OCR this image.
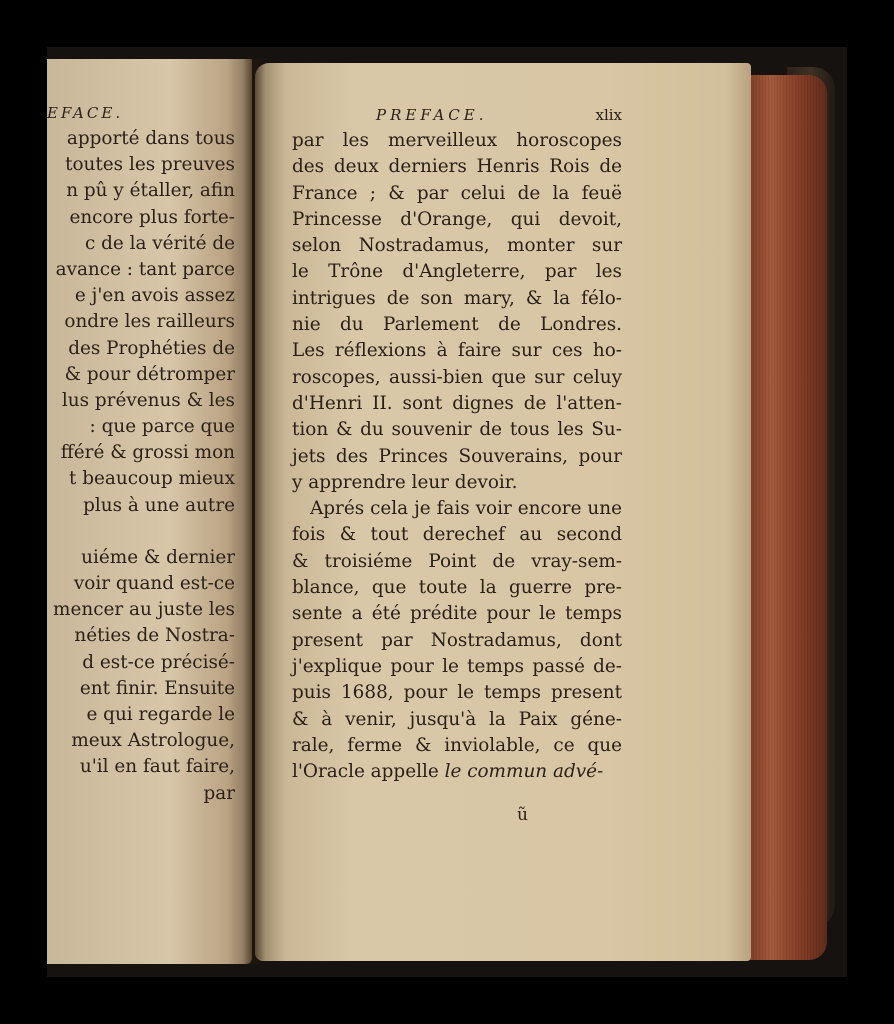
EFACE.
apporté dans tous
toutes les preuves
n pû y étaller, afin
encore plus forte-
c de la vérité de
avance : tant parce
e j'en avois assez
ondre les railleurs
des Prophéties de
& pour détromper
lus prévenus & les
: que parce que
fféré & grossi mon
t beaucoup mieux
plus à une autre
uiéme & dernier
voir quand est-ce
mencer au juste les
néties de Nostra-
d est-ce précisé-
ent finir. Ensuite
e qui regarde le
meux Astrologue,
u'il en faut faire,
par
PREFACE.	xlix
par les merveilleux horoscopes
des deux derniers Henris Rois de
France ; & par celui de la feuë
Princesse d'Orange, qui devoit,
selon Nostradamus, monter sur
le Trône d'Angleterre, par les
intrigues de son mary, & la félo-
nie du Parlement de Londres.
Les réflexions à faire sur ces ho-
roscopes, aussi-bien que sur celuy
d'Henri II. sont dignes de l'atten-
tion & du souvenir de tous les Su-
jets des Princes Souverains, pour
y apprendre leur devoir.
Aprés cela je fais voir encore une
fois & tout derechef au second
& troisiéme Point de vray-sem-
blance, que toute la guerre pre-
sente a été prédite pour le temps
present par Nostradamus, dont
j'explique pour le temps passé de-
puis 1688, pour le temps present
& à venir, jusqu'à la Paix géne-
rale, ferme & inviolable, ce que
l'Oracle appelle le commun advé-
ũ
